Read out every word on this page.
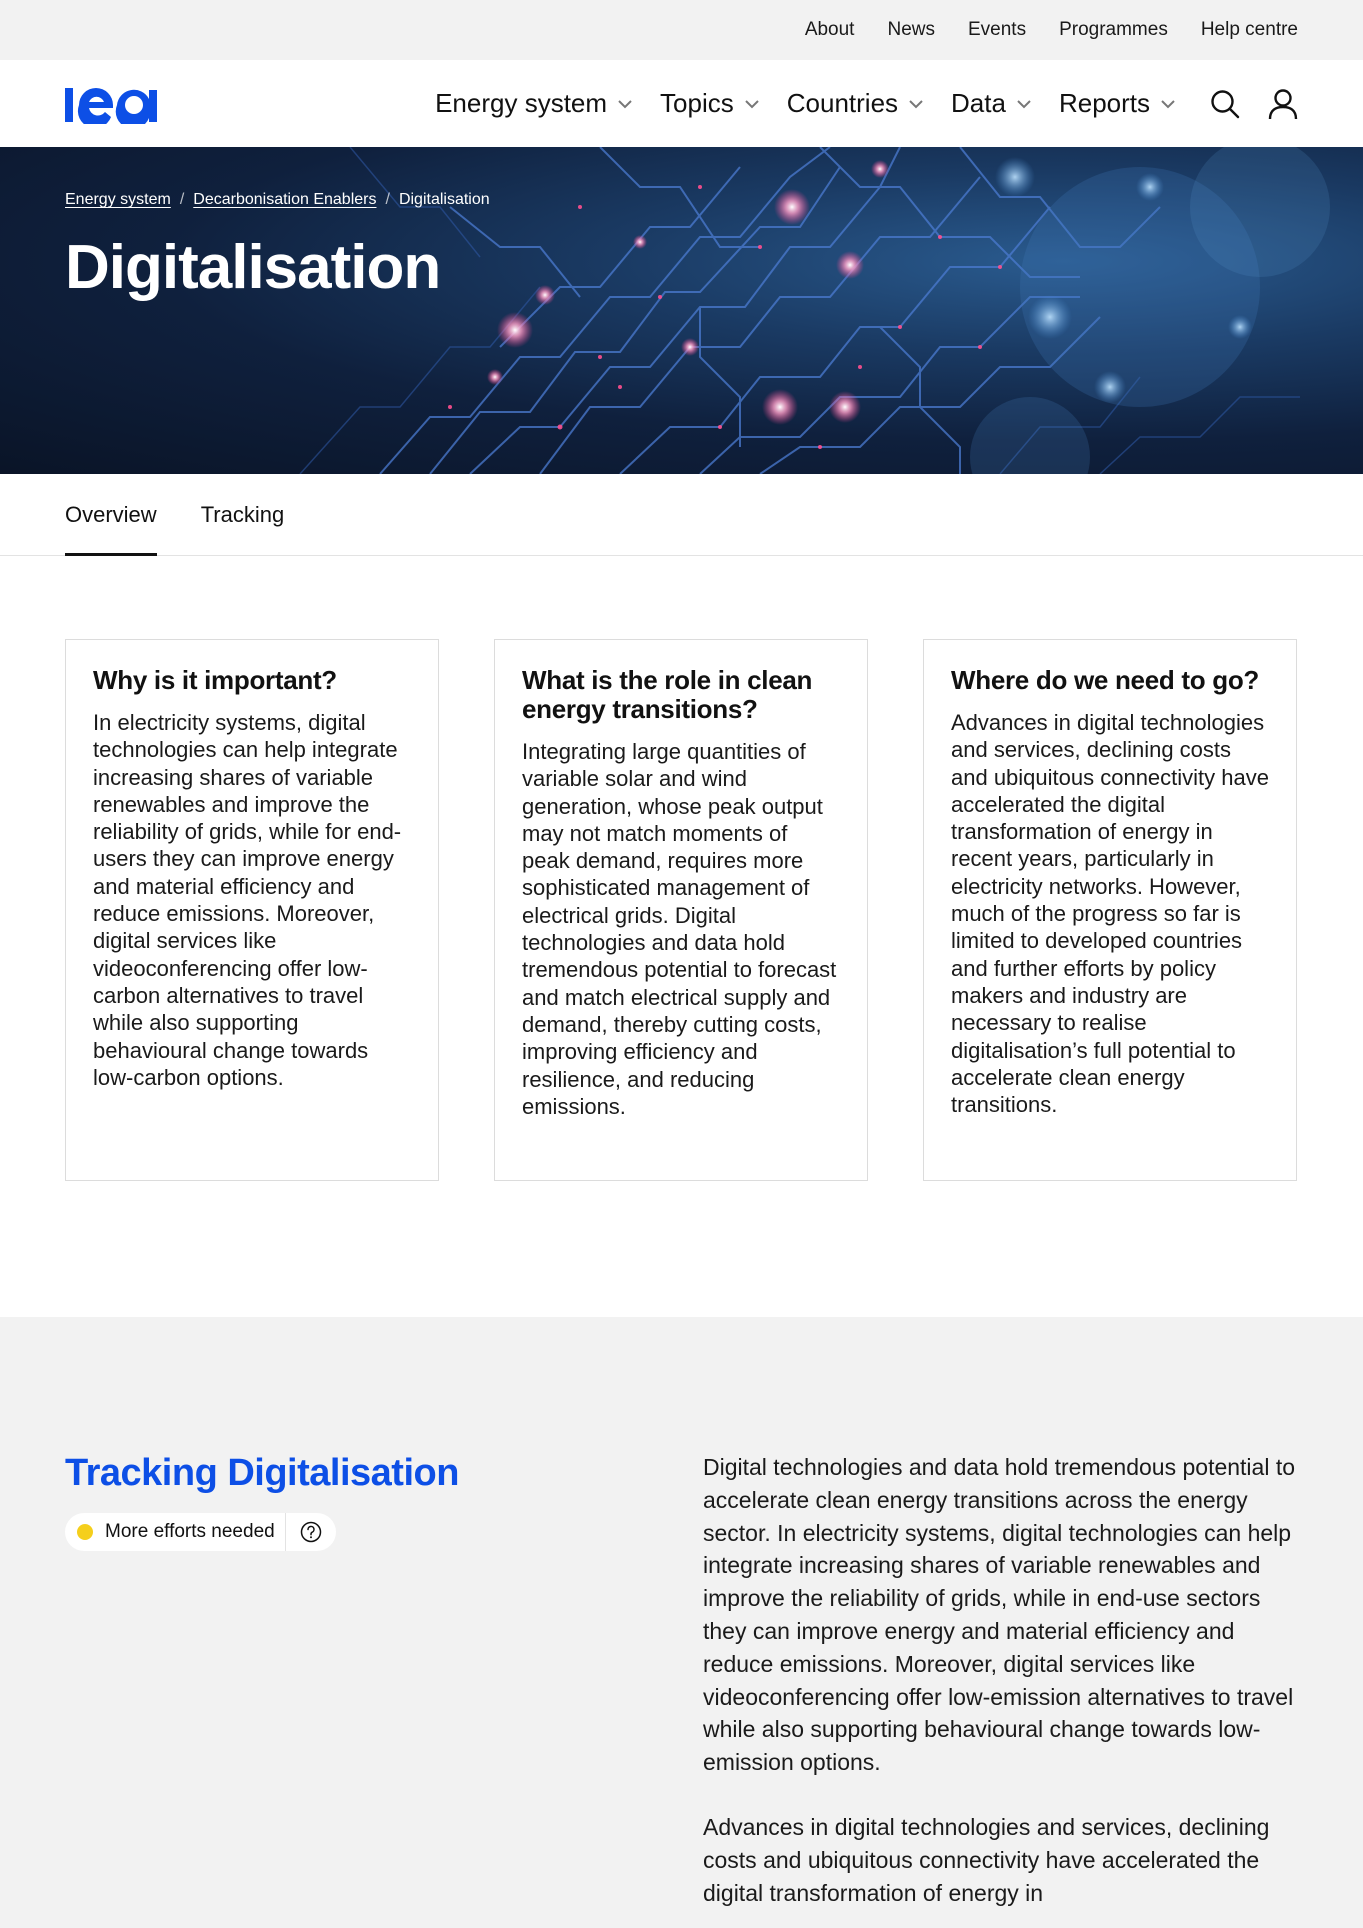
About News Events Programmes Help centre
Energy system Topics Countries Data Reports
Energy system / Decarbonisation Enablers / Digitalisation
Digitalisation
Overview Tracking
Why is it important?

In electricity systems, digital technologies can help integrate increasing shares of variable renewables and improve the reliability of grids, while for end-users they can improve energy and material efficiency and reduce emissions. Moreover, digital services like videoconferencing offer low-carbon alternatives to travel while also supporting behavioural change towards low-carbon options.

What is the role in clean energy transitions?

Integrating large quantities of variable solar and wind generation, whose peak output may not match moments of peak demand, requires more sophisticated management of electrical grids. Digital technologies and data hold tremendous potential to forecast and match electrical supply and demand, thereby cutting costs, improving efficiency and resilience, and reducing emissions.

Where do we need to go?

Advances in digital technologies and services, declining costs and ubiquitous connectivity have accelerated the digital transformation of energy in recent years, particularly in electricity networks. However, much of the progress so far is limited to developed countries and further efforts by policy makers and industry are necessary to realise digitalisation’s full potential to accelerate clean energy transitions.

Tracking Digitalisation
More efforts needed

Digital technologies and data hold tremendous potential to accelerate clean energy transitions across the energy sector. In electricity systems, digital technologies can help integrate increasing shares of variable renewables and improve the reliability of grids, while in end-use sectors they can improve energy and material efficiency and reduce emissions. Moreover, digital services like videoconferencing offer low-emission alternatives to travel while also supporting behavioural change towards low-emission options.

Advances in digital technologies and services, declining costs and ubiquitous connectivity have accelerated the digital transformation of energy in
